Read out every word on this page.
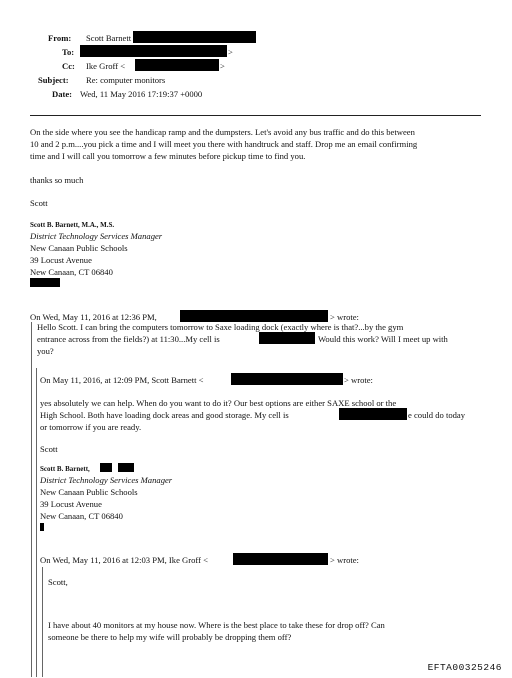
From: Scott Barnett
To:	>
Cc: Ike Groff <	>
Subject: Re: computer monitors
Date: Wed, 11 May 2016 17:19:37 +0000
On the side where you see the handicap ramp and the dumpsters. Let's avoid any bus traffic and do this between
10 and 2 p.m....you pick a time and I will meet you there with handtruck and staff. Drop me an email confirming
time and I will call you tomorrow a few minutes before pickup time to find you.
thanks so much
Scott
Scott B. Barnett, M.A., M.S.
District Technology Services Manager
New Canaan Public Schools
39 Locust Avenue
New Canaan, CT 06840
On Wed, May 11, 2016 at 12:36 PM,	> wrote:
Hello Scott. I can bring the computers tomorrow to Saxe loading dock (exactly where is that?...by the gym
entrance across from the fields?) at 11:30...My cell is	Would this work? Will I meet up with
you?
On May 11, 2016, at 12:09 PM, Scott Barnett <	> wrote:
yes absolutely we can help. When do you want to do it? Our best options are either SAXE school or the
High School. Both have loading dock areas and good storage. My cell is	e could do today
or tomorrow if you are ready.
Scott
Scott B. Barnett,
District Technology Services Manager
New Canaan Public Schools
39 Locust Avenue
New Canaan, CT 06840
On Wed, May 11, 2016 at 12:03 PM, Ike Groff <	> wrote:
Scott,
I have about 40 monitors at my house now. Where is the best place to take these for drop off? Can
someone be there to help my wife will probably be dropping them off?
EFTA00325246
